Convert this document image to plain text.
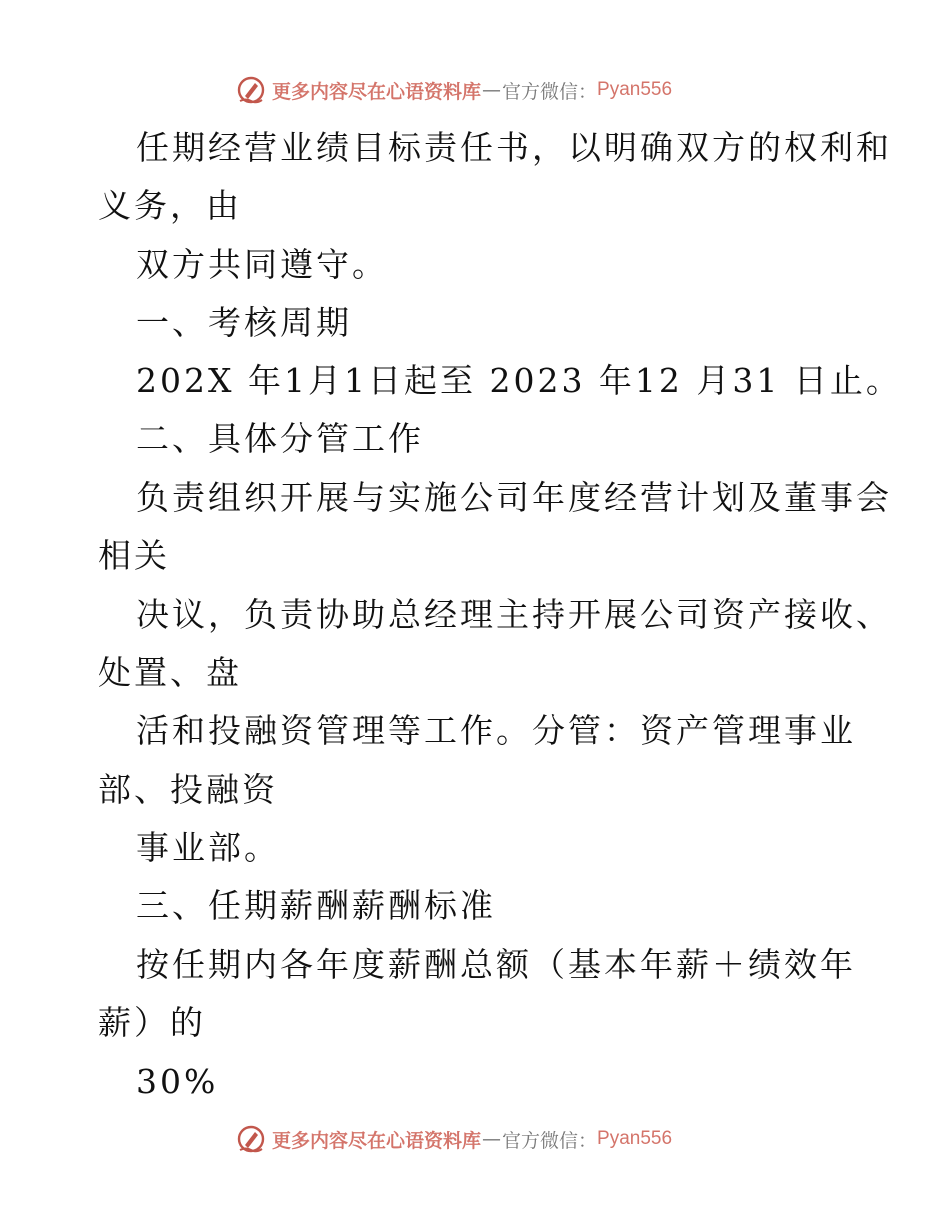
更多内容尽在心语资料库 — 官方微信： Pyan556
任期经营业绩目标责任书，以明确双方的权利和
义务，由
双方共同遵守。
一、考核周期
202X 年1月1日起至 2023 年12 月31 日止。
二、具体分管工作
负责组织开展与实施公司年度经营计划及董事会
相关
决议，负责协助总经理主持开展公司资产接收、
处置、盘
活和投融资管理等工作。分管：资产管理事业
部、投融资
事业部。
三、任期薪酬薪酬标准
按任期内各年度薪酬总额（基本年薪＋绩效年
薪）的
30%
更多内容尽在心语资料库 — 官方微信： Pyan556
